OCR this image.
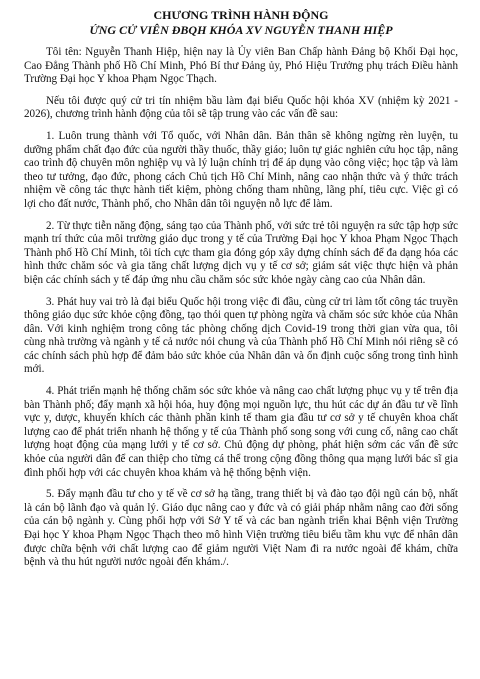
CHƯƠNG TRÌNH HÀNH ĐỘNG
ỨNG CỬ VIÊN ĐBQH KHÓA XV NGUYỄN THANH HIỆP

Tôi tên: Nguyễn Thanh Hiệp, hiện nay là Ủy viên Ban Chấp hành Đảng bộ Khối Đại học, Cao Đẳng Thành phố Hồ Chí Minh, Phó Bí thư Đảng ủy, Phó Hiệu Trưởng phụ trách Điều hành Trường Đại học Y khoa Phạm Ngọc Thạch.

Nếu tôi được quý cử tri tín nhiệm bầu làm đại biểu Quốc hội khóa XV (nhiệm kỳ 2021 - 2026), chương trình hành động của tôi sẽ tập trung vào các vấn đề sau:

1. Luôn trung thành với Tổ quốc, với Nhân dân. Bản thân sẽ không ngừng rèn luyện, tu dưỡng phẩm chất đạo đức của người thầy thuốc, thầy giáo; luôn tự giác nghiên cứu học tập, nâng cao trình độ chuyên môn nghiệp vụ và lý luận chính trị để áp dụng vào công việc; học tập và làm theo tư tưởng, đạo đức, phong cách Chủ tịch Hồ Chí Minh, nâng cao nhận thức và ý thức trách nhiệm về công tác thực hành tiết kiệm, phòng chống tham nhũng, lãng phí, tiêu cực. Việc gì có lợi cho đất nước, Thành phố, cho Nhân dân tôi nguyện nỗ lực để làm.

2. Từ thực tiễn năng động, sáng tạo của Thành phố, với sức trẻ tôi nguyện ra sức tập hợp sức mạnh trí thức của môi trường giáo dục trong y tế của Trường Đại học Y khoa Phạm Ngọc Thạch Thành phố Hồ Chí Minh, tôi tích cực tham gia đóng góp xây dựng chính sách để đa dạng hóa các hình thức chăm sóc và gia tăng chất lượng dịch vụ y tế cơ sở; giám sát việc thực hiện và phản biện các chính sách y tế đáp ứng nhu cầu chăm sóc sức khỏe ngày càng cao của Nhân dân.

3. Phát huy vai trò là đại biểu Quốc hội trong việc đi đầu, cùng cử tri làm tốt công tác truyền thông giáo dục sức khỏe cộng đồng, tạo thói quen tự phòng ngừa và chăm sóc sức khỏe của Nhân dân. Với kinh nghiệm trong công tác phòng chống dịch Covid-19 trong thời gian vừa qua, tôi cùng nhà trường và ngành y tế cả nước nói chung và của Thành phố Hồ Chí Minh nói riêng sẽ có các chính sách phù hợp để đảm bảo sức khỏe của Nhân dân và ổn định cuộc sống trong tình hình mới.

4. Phát triển mạnh hệ thống chăm sóc sức khỏe và nâng cao chất lượng phục vụ y tế trên địa bàn Thành phố; đẩy mạnh xã hội hóa, huy động mọi nguồn lực, thu hút các dự án đầu tư về lĩnh vực y, dược, khuyến khích các thành phần kinh tế tham gia đầu tư cơ sở y tế chuyên khoa chất lượng cao để phát triển nhanh hệ thống y tế của Thành phố song song với cung cố, nâng cao chất lượng hoạt động của mạng lưới y tế cơ sở. Chủ động dự phòng, phát hiện sớm các vấn đề sức khỏe của người dân để can thiệp cho từng cá thể trong cộng đồng thông qua mạng lưới bác sĩ gia đình phối hợp với các chuyên khoa khám và hệ thống bệnh viện.

5. Đẩy mạnh đầu tư cho y tế về cơ sở hạ tầng, trang thiết bị và đào tạo đội ngũ cán bộ, nhất là cán bộ lãnh đạo và quản lý. Giáo dục nâng cao y đức và có giải pháp nhằm nâng cao đời sống của cán bộ ngành y. Cùng phối hợp với Sở Y tế và các ban ngành triển khai Bệnh viện Trường Đại học Y khoa Phạm Ngọc Thạch theo mô hình Viện trường tiêu biểu tầm khu vực để nhân dân được chữa bệnh với chất lượng cao để giảm người Việt Nam đi ra nước ngoài để khám, chữa bệnh và thu hút người nước ngoài đến khám./.
